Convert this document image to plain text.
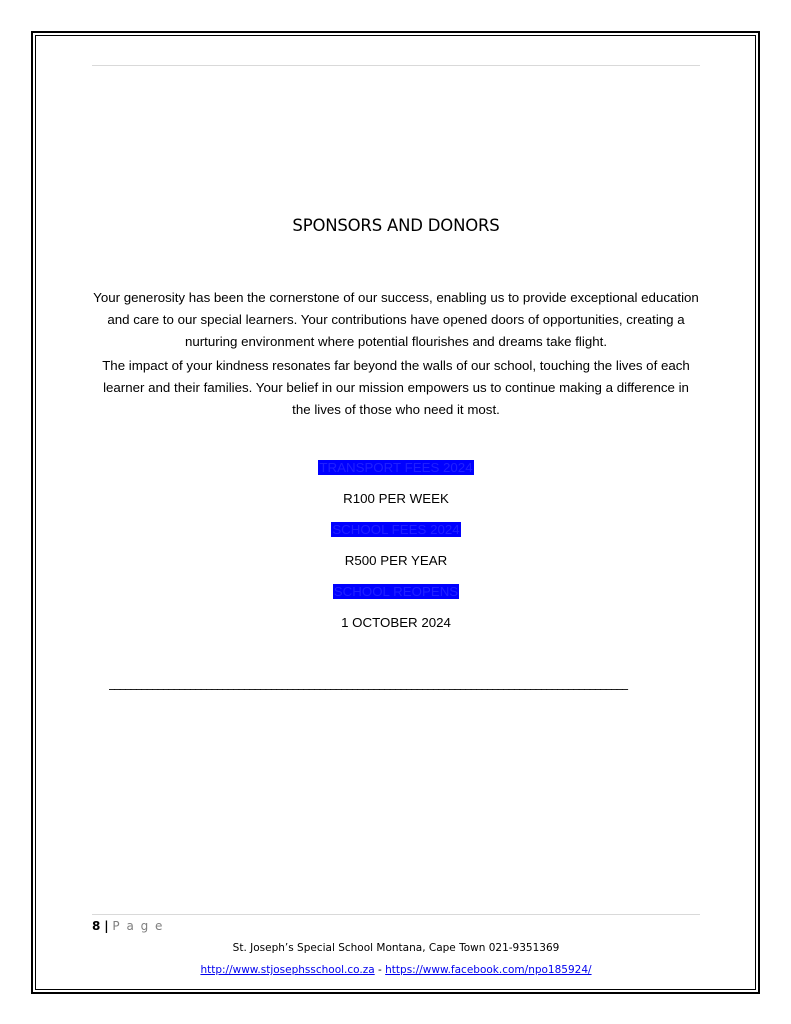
SPONSORS AND DONORS

Your generosity has been the cornerstone of our success, enabling us to provide exceptional education and care to our special learners. Your contributions have opened doors of opportunities, creating a nurturing environment where potential flourishes and dreams take flight.

The impact of your kindness resonates far beyond the walls of our school, touching the lives of each learner and their families. Your belief in our mission empowers us to continue making a difference in the lives of those who need it most.

TRANSPORT FEES 2024
R100 PER WEEK
SCHOOL FEES 2024
R500 PER YEAR
SCHOOL REOPENS
1 OCTOBER 2024
________________________________________________________________________________________________
8 | P a g e
St. Joseph’s Special School Montana, Cape Town 021-9351369
http://www.stjosephsschool.co.za - https://www.facebook.com/npo185924/
